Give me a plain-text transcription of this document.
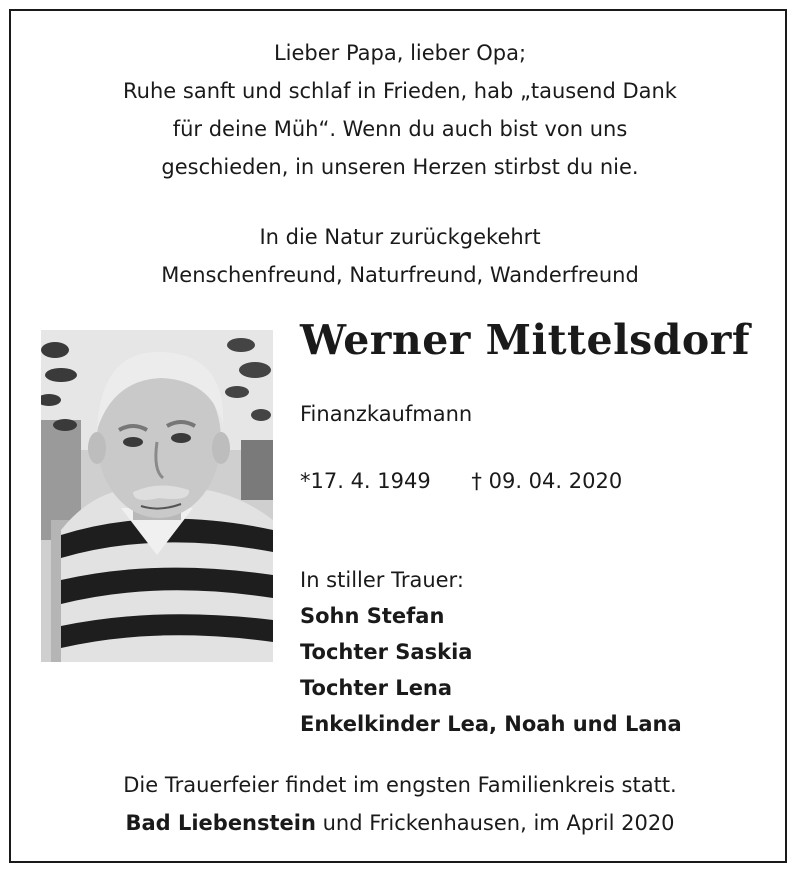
Lieber Papa, lieber Opa;
Ruhe sanft und schlaf in Frieden, hab „tausend Dank
für deine Müh“. Wenn du auch bist von uns
geschieden, in unseren Herzen stirbst du nie.
In die Natur zurückgekehrt
Menschenfreund, Naturfreund, Wanderfreund
Werner Mittelsdorf
Finanzkaufmann
*17. 4. 1949 † 09. 04. 2020
In stiller Trauer:
Sohn Stefan
Tochter Saskia
Tochter Lena
Enkelkinder Lea, Noah und Lana
Die Trauerfeier findet im engsten Familienkreis statt.
Bad Liebenstein und Frickenhausen, im April 2020
